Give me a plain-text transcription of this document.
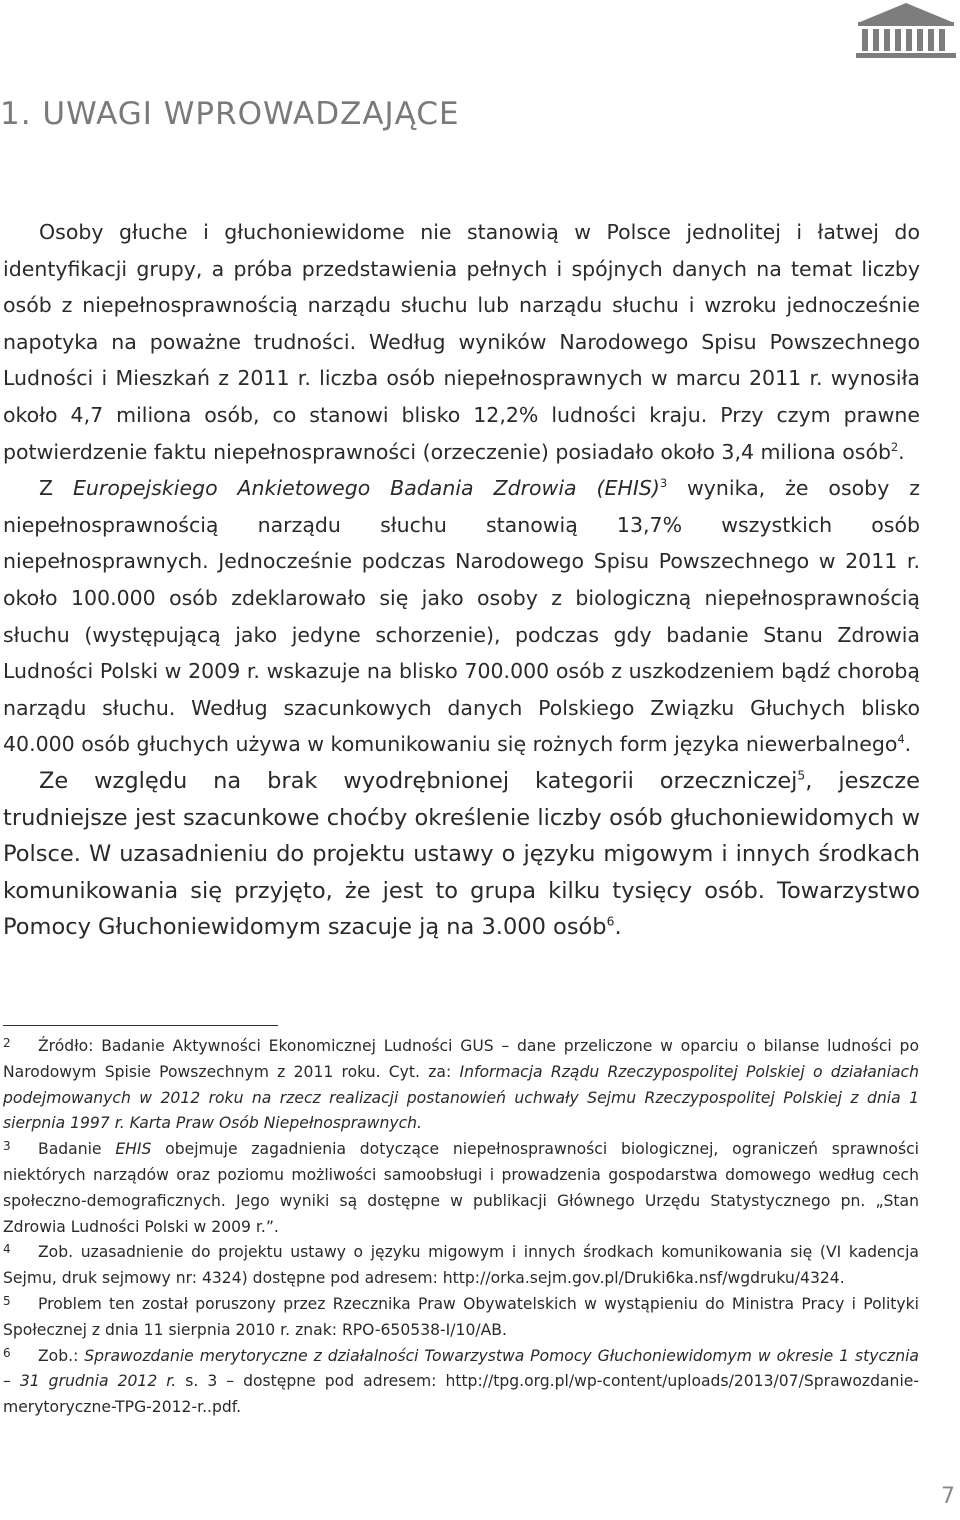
1. UWAGI WPROWADZAJĄCE

Osoby głuche i głuchoniewidome nie stanowią w Polsce jednolitej i łatwej do identyfikacji grupy, a próba przedstawienia pełnych i spójnych danych na temat liczby osób z niepełnosprawnością narządu słuchu lub narządu słuchu i wzroku jednocześnie napotyka na poważne trudności. Według wyników Narodowego Spisu Powszechnego Ludności i Mieszkań z 2011 r. liczba osób niepełnosprawnych w marcu 2011 r. wynosiła około 4,7 miliona osób, co stanowi blisko 12,2% ludności kraju. Przy czym prawne potwierdzenie faktu niepełnosprawności (orzeczenie) posiadało około 3,4 miliona osób$^2$.

Z Europejskiego Ankietowego Badania Zdrowia (EHIS)$^3$ wynika, że osoby z niepełnosprawnością narządu słuchu stanowią 13,7% wszystkich osób niepełnosprawnych. Jednocześnie podczas Narodowego Spisu Powszechnego w 2011 r. około 100.000 osób zdeklarowało się jako osoby z biologiczną niepełnosprawnością słuchu (występującą jako jedyne schorzenie), podczas gdy badanie Stanu Zdrowia Ludności Polski w 2009 r. wskazuje na blisko 700.000 osób z uszkodzeniem bądź chorobą narządu słuchu. Według szacunkowych danych Polskiego Związku Głuchych blisko 40.000 osób głuchych używa w komunikowaniu się rożnych form języka niewerbalnego$^4$.

Ze względu na brak wyodrębnionej kategorii orzeczniczej$^5$, jeszcze trudniejsze jest szacunkowe choćby określenie liczby osób głuchoniewidomych w Polsce. W uzasadnieniu do projektu ustawy o języku migowym i innych środkach komunikowania się przyjęto, że jest to grupa kilku tysięcy osób. Towarzystwo Pomocy Głuchoniewidomym szacuje ją na 3.000 osób$^6$.

2 Źródło: Badanie Aktywności Ekonomicznej Ludności GUS – dane przeliczone w oparciu o bilanse ludności po Narodowym Spisie Powszechnym z 2011 roku. Cyt. za: Informacja Rządu Rzeczypospolitej Polskiej o działaniach podejmowanych w 2012 roku na rzecz realizacji postanowień uchwały Sejmu Rzeczypospolitej Polskiej z dnia 1 sierpnia 1997 r. Karta Praw Osób Niepełnosprawnych.

3 Badanie EHIS obejmuje zagadnienia dotyczące niepełnosprawności biologicznej, ograniczeń sprawności niektórych narządów oraz poziomu możliwości samoobsługi i prowadzenia gospodarstwa domowego według cech społeczno-demograficznych. Jego wyniki są dostępne w publikacji Głównego Urzędu Statystycznego pn. „Stan Zdrowia Ludności Polski w 2009 r.”.

4 Zob. uzasadnienie do projektu ustawy o języku migowym i innych środkach komunikowania się (VI kadencja Sejmu, druk sejmowy nr: 4324) dostępne pod adresem: http://orka.sejm.gov.pl/Druki6ka.nsf/wgdruku/4324.

5 Problem ten został poruszony przez Rzecznika Praw Obywatelskich w wystąpieniu do Ministra Pracy i Polityki Społecznej z dnia 11 sierpnia 2010 r. znak: RPO-650538-I/10/AB.

6 Zob.: Sprawozdanie merytoryczne z działalności Towarzystwa Pomocy Głuchoniewidomym w okresie 1 stycznia – 31 grudnia 2012 r. s. 3 – dostępne pod adresem: http://tpg.org.pl/wp-content/uploads/2013/07/Sprawozdanie-merytoryczne-TPG-2012-r..pdf.

7
